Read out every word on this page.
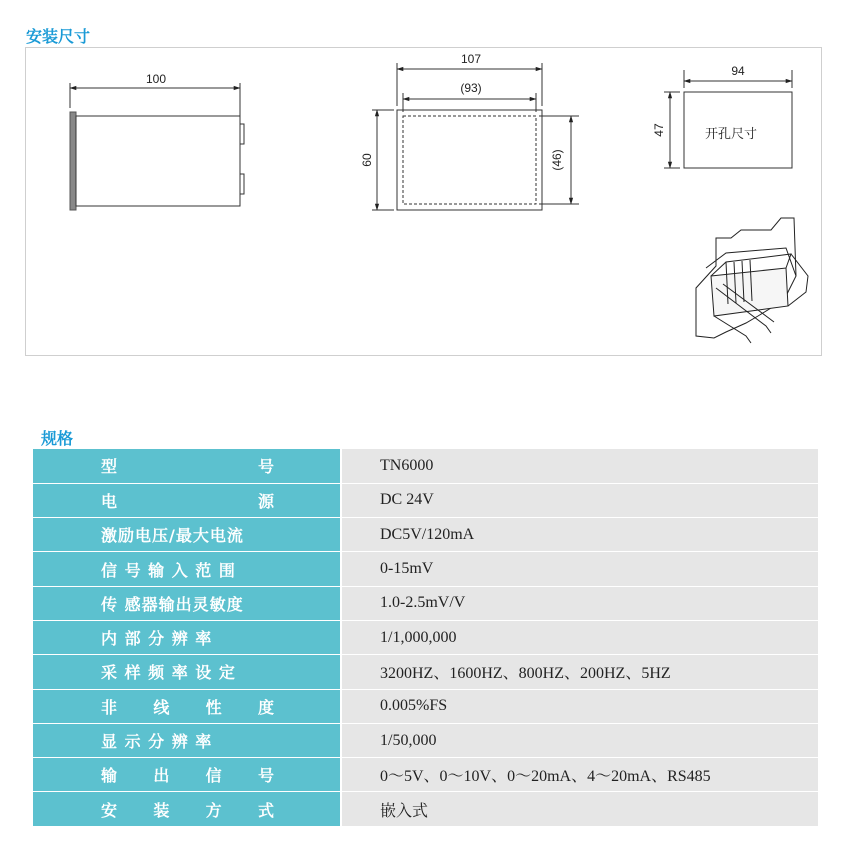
安装尺寸
100
107
(93)
60	(46)
94
47	开孔尺寸
规格
型 号	TN6000

电 源	DC 24V

激励电压/最大电流	DC5V/120mA

信 号 输 入 范 围	0-15mV

传 感器输出灵敏度	1.0-2.5mV/V

内 部 分 辨 率	1/1,000,000

采 样 频 率 设 定	3200HZ、1600HZ、800HZ、200HZ、5HZ

非 线 性 度	0.005%FS

显 示 分 辨 率	1/50,000

输 出 信 号	0～5V、0～10V、0～20mA、4～20mA、RS485

安 装 方 式	嵌入式
